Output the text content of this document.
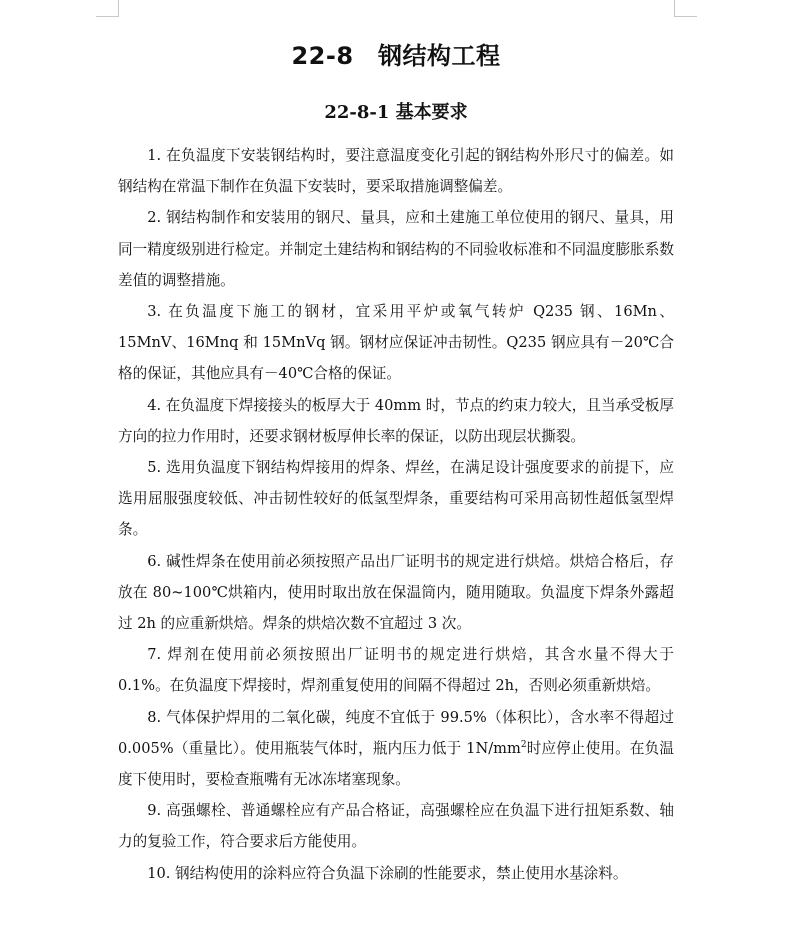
22-8　钢结构工程
22-8-1 基本要求

1. 在负温度下安装钢结构时，要注意温度变化引起的钢结构外形尺寸的偏差。如钢结构在常温下制作在负温下安装时，要采取措施调整偏差。

2. 钢结构制作和安装用的钢尺、量具，应和土建施工单位使用的钢尺、量具，用同一精度级别进行检定。并制定土建结构和钢结构的不同验收标准和不同温度膨胀系数差值的调整措施。

3. 在负温度下施工的钢材，宜采用平炉或氧气转炉 Q235 钢、16Mn、15MnV、16Mnq 和 15MnVq 钢。钢材应保证冲击韧性。Q235 钢应具有－20℃合格的保证，其他应具有－40℃合格的保证。

4. 在负温度下焊接接头的板厚大于 40mm 时，节点的约束力较大，且当承受板厚方向的拉力作用时，还要求钢材板厚伸长率的保证，以防出现层状撕裂。

5. 选用负温度下钢结构焊接用的焊条、焊丝，在满足设计强度要求的前提下，应选用屈服强度较低、冲击韧性较好的低氢型焊条，重要结构可采用高韧性超低氢型焊条。

6. 碱性焊条在使用前必须按照产品出厂证明书的规定进行烘焙。烘焙合格后，存放在 80~100℃烘箱内，使用时取出放在保温筒内，随用随取。负温度下焊条外露超过 2h 的应重新烘焙。焊条的烘焙次数不宜超过 3 次。

7. 焊剂在使用前必须按照出厂证明书的规定进行烘焙，其含水量不得大于 0.1%。在负温度下焊接时，焊剂重复使用的间隔不得超过 2h，否则必须重新烘焙。

8. 气体保护焊用的二氧化碳，纯度不宜低于 99.5%（体积比），含水率不得超过 0.005%（重量比）。使用瓶装气体时，瓶内压力低于 $1N/mm^2$时应停止使用。在负温度下使用时，要检查瓶嘴有无冰冻堵塞现象。

9. 高强螺栓、普通螺栓应有产品合格证，高强螺栓应在负温下进行扭矩系数、轴力的复验工作，符合要求后方能使用。

10. 钢结构使用的涂料应符合负温下涂刷的性能要求，禁止使用水基涂料。
